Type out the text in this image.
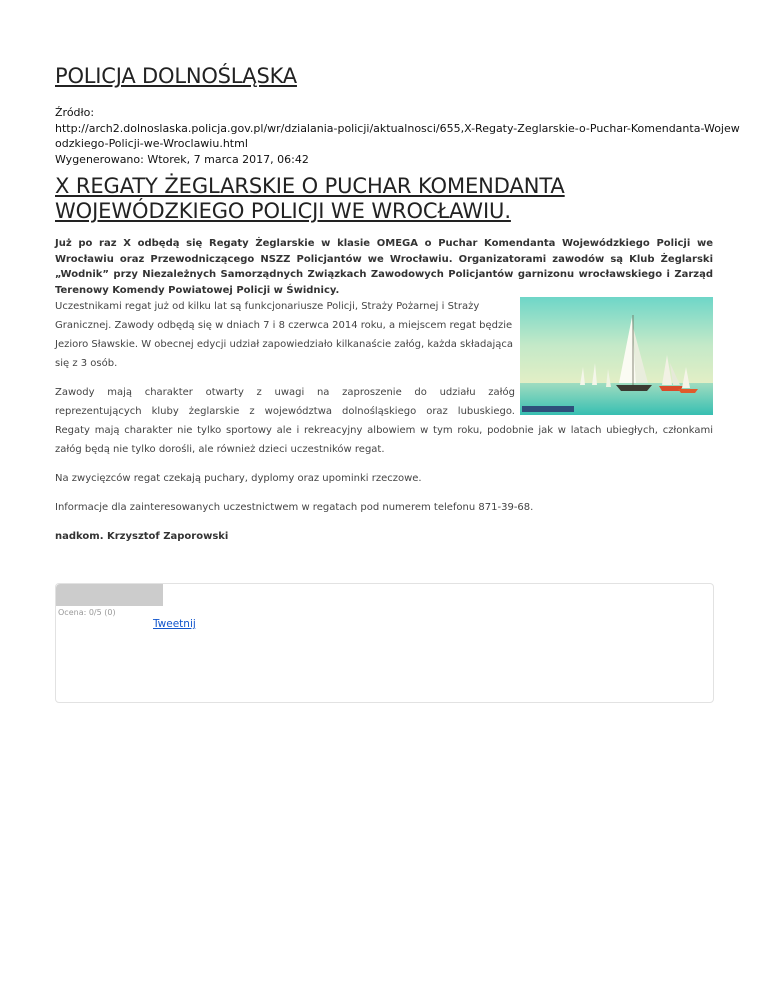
POLICJA DOLNOŚLĄSKA
Źródło:
http://arch2.dolnoslaska.policja.gov.pl/wr/dzialania-policji/aktualnosci/655,X-Regaty-Zeglarskie-o-Puchar-Komendanta-Wojewodzkiego-Policji-we-Wroclawiu.html
Wygenerowano: Wtorek, 7 marca 2017, 06:42
X REGATY ŻEGLARSKIE O PUCHAR KOMENDANTA WOJEWÓDZKIEGO POLICJI WE WROCŁAWIU.

Już po raz X odbędą się Regaty Żeglarskie w klasie OMEGA o Puchar Komendanta Wojewódzkiego Policji we Wrocławiu oraz Przewodniczącego NSZZ Policjantów we Wrocławiu. Organizatorami zawodów są Klub Żeglarski „Wodnik” przy Niezależnych Samorządnych Związkach Zawodowych Policjantów garnizonu wrocławskiego i Zarząd Terenowy Komendy Powiatowej Policji w Świdnicy.

Uczestnikami regat już od kilku lat są funkcjonariusze Policji, Straży Pożarnej i Straży Granicznej. Zawody odbędą się w dniach 7 i 8 czerwca 2014 roku, a miejscem regat będzie Jezioro Sławskie. W obecnej edycji udział zapowiedziało kilkanaście załóg, każda składająca się z 3 osób.

Zawody mają charakter otwarty z uwagi na zaproszenie do udziału załóg
reprezentujących kluby żeglarskie z województwa dolnośląskiego oraz lubuskiego.
Regaty mają charakter nie tylko sportowy ale i rekreacyjny albowiem w tym roku, podobnie jak w latach ubiegłych, członkami załóg będą nie tylko dorośli, ale również dzieci uczestników regat.

Na zwycięzców regat czekają puchary, dyplomy oraz upominki rzeczowe.

Informacje dla zainteresowanych uczestnictwem w regatach pod numerem telefonu 871-39-68.

nadkom. Krzysztof Zaporowski

Ocena: 0/5 (0)
Tweetnij
